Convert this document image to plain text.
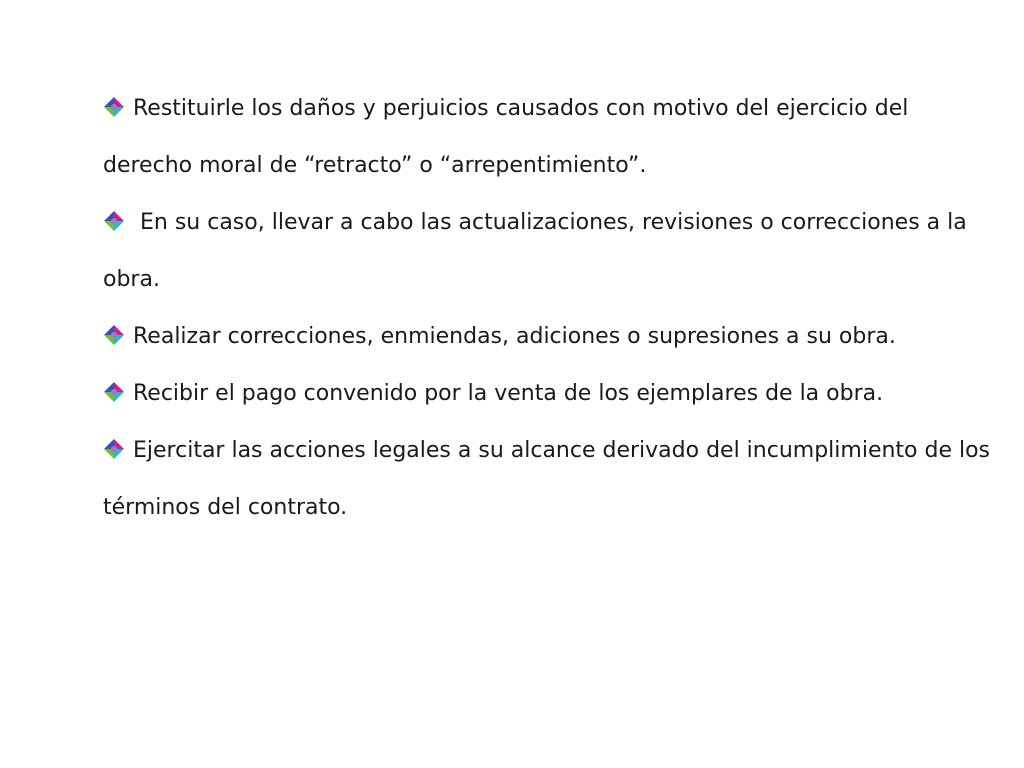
Restituirle los daños y perjuicios causados con motivo del ejercicio del derecho moral de “retracto” o “arrepentimiento”.
En su caso, llevar a cabo las actualizaciones, revisiones o correcciones a la obra.
Realizar correcciones, enmiendas, adiciones o supresiones a su obra.
Recibir el pago convenido por la venta de los ejemplares de la obra.
Ejercitar las acciones legales a su alcance derivado del incumplimiento de los términos del contrato.
